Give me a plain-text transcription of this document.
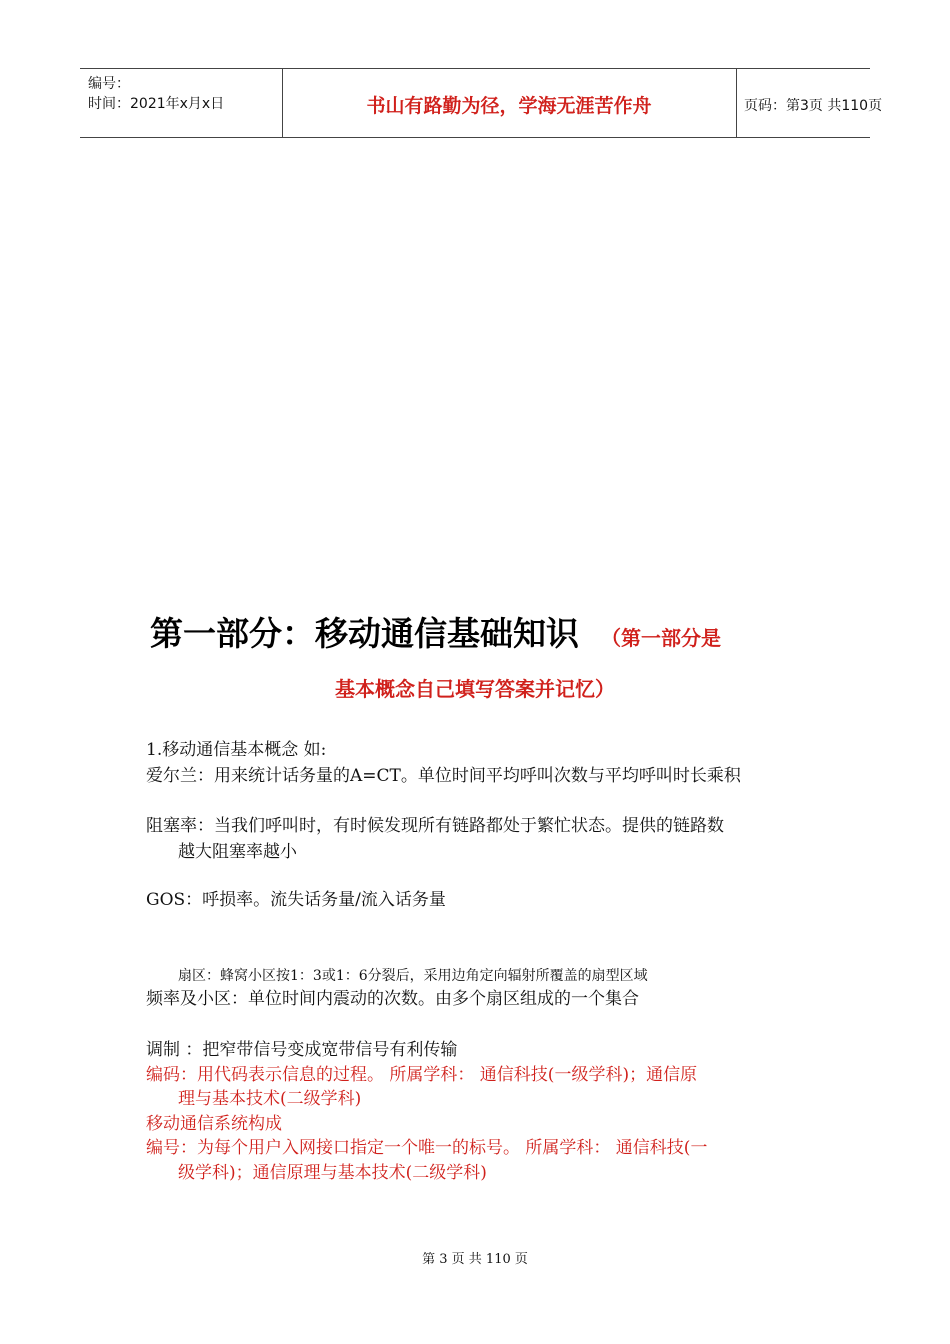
编号：
时间：2021年x月x日	书山有路勤为径，学海无涯苦作舟	页码：第3页 共110页
第一部分：移动通信基础知识 （第一部分是
基本概念自己填写答案并记忆）
1.移动通信基本概念 如:
爱尔兰：用来统计话务量的A=CT。单位时间平均呼叫次数与平均呼叫时长乘积
阻塞率：当我们呼叫时，有时候发现所有链路都处于繁忙状态。提供的链路数
越大阻塞率越小
GOS：呼损率。流失话务量/流入话务量
扇区：蜂窝小区按1：3或1：6分裂后，采用边角定向辐射所覆盖的扇型区域
频率及小区：单位时间内震动的次数。由多个扇区组成的一个集合
调制 ：把窄带信号变成宽带信号有利传输
编码：用代码表示信息的过程。 所属学科： 通信科技(一级学科)；通信原
理与基本技术(二级学科)
移动通信系统构成
编号：为每个用户入网接口指定一个唯一的标号。 所属学科： 通信科技(一
级学科)；通信原理与基本技术(二级学科)
第 3 页 共 110 页
